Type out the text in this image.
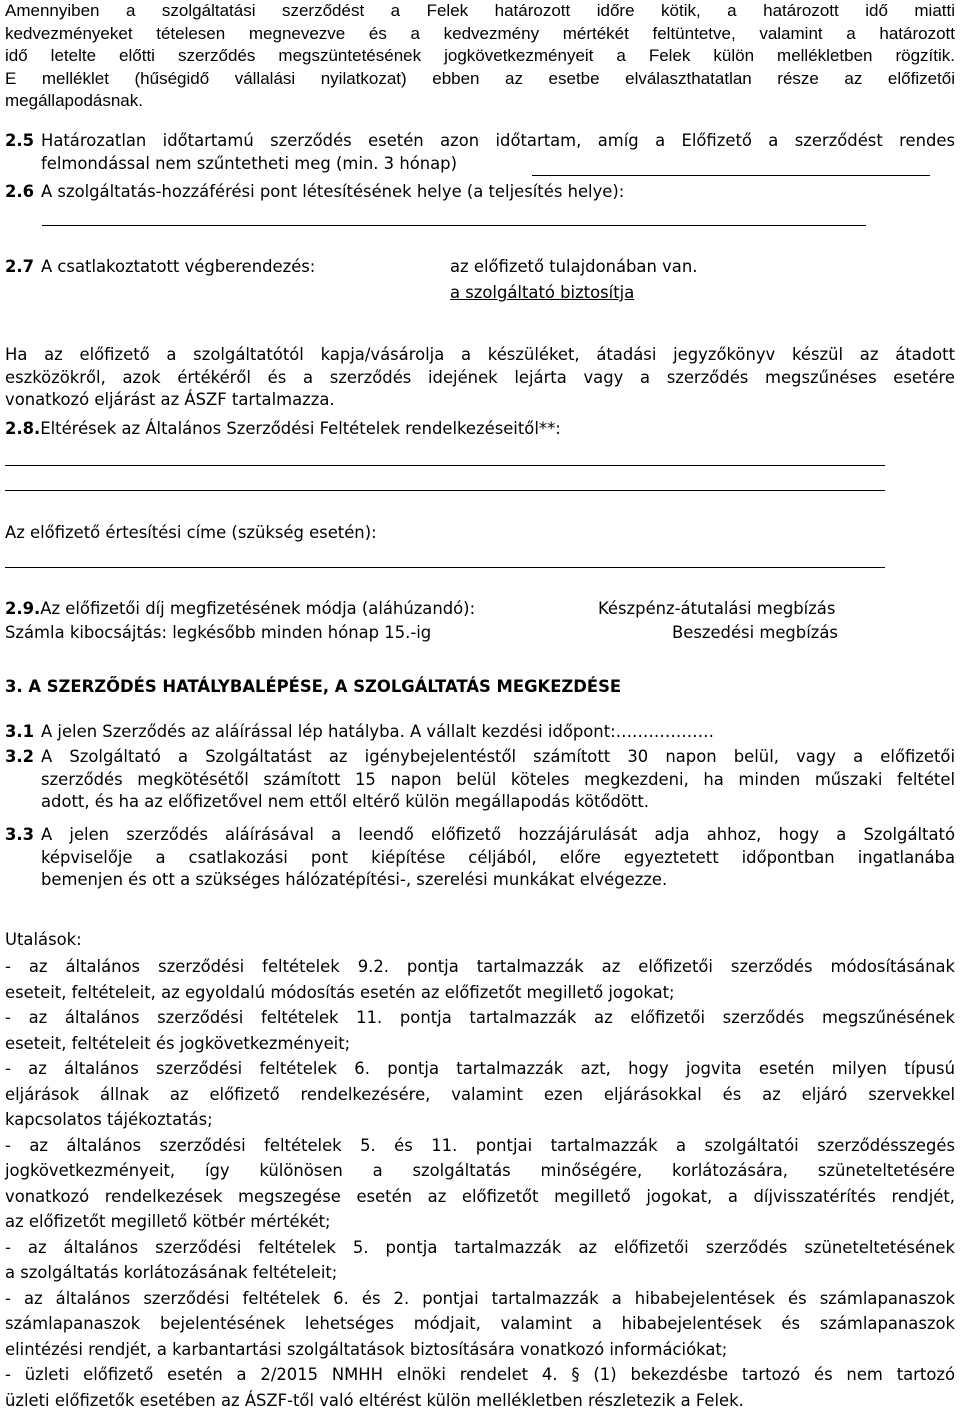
Amennyiben a szolgáltatási szerződést a Felek határozott időre kötik, a határozott idő miatti
kedvezményeket tételesen megnevezve és a kedvezmény mértékét feltüntetve, valamint a határozott
idő letelte előtti szerződés megszüntetésének jogkövetkezményeit a Felek külön mellékletben rögzítik.
E melléklet (hűségidő vállalási nyilatkozat) ebben az esetbe elválaszthatatlan része az előfizetői
megállapodásnak.
2.5 Határozatlan időtartamú szerződés esetén azon időtartam, amíg a Előfizető a szerződést rendes
felmondással nem szűntetheti meg (min. 3 hónap)
2.6 A szolgáltatás-hozzáférési pont létesítésének helye (a teljesítés helye):
2.7 A csatlakoztatott végberendezés:	az előfizető tulajdonában van.
a szolgáltató biztosítja
Ha az előfizető a szolgáltatótól kapja/vásárolja a készüléket, átadási jegyzőkönyv készül az átadott
eszközökről, azok értékéről és a szerződés idejének lejárta vagy a szerződés megszűnéses esetére
vonatkozó eljárást az ÁSZF tartalmazza.
2.8.Eltérések az Általános Szerződési Feltételek rendelkezéseitől**:
Az előfizető értesítési címe (szükség esetén):
2.9.Az előfizetői díj megfizetésének módja (aláhúzandó):	Készpénz-átutalási megbízás
Számla kibocsájtás: legkésőbb minden hónap 15.-ig	Beszedési megbízás
3. A SZERZŐDÉS HATÁLYBALÉPÉSE, A SZOLGÁLTATÁS MEGKEZDÉSE
3.1 A jelen Szerződés az aláírással lép hatályba. A vállalt kezdési időpont:………………
3.2 A Szolgáltató a Szolgáltatást az igénybejelentéstől számított 30 napon belül, vagy a előfizetői
szerződés megkötésétől számított 15 napon belül köteles megkezdeni, ha minden műszaki feltétel
adott, és ha az előfizetővel nem ettől eltérő külön megállapodás kötődött.
3.3 A jelen szerződés aláírásával a leendő előfizető hozzájárulását adja ahhoz, hogy a Szolgáltató
képviselője a csatlakozási pont kiépítése céljából, előre egyeztetett időpontban ingatlanába
bemenjen és ott a szükséges hálózatépítési-, szerelési munkákat elvégezze.
Utalások:
- az általános szerződési feltételek 9.2. pontja tartalmazzák az előfizetői szerződés módosításának
eseteit, feltételeit, az egyoldalú módosítás esetén az előfizetőt megillető jogokat;
- az általános szerződési feltételek 11. pontja tartalmazzák az előfizetői szerződés megszűnésének
eseteit, feltételeit és jogkövetkezményeit;
- az általános szerződési feltételek 6. pontja tartalmazzák azt, hogy jogvita esetén milyen típusú
eljárások állnak az előfizető rendelkezésére, valamint ezen eljárásokkal és az eljáró szervekkel
kapcsolatos tájékoztatás;
- az általános szerződési feltételek 5. és 11. pontjai tartalmazzák a szolgáltatói szerződésszegés
jogkövetkezményeit, így különösen a szolgáltatás minőségére, korlátozására, szüneteltetésére
vonatkozó rendelkezések megszegése esetén az előfizetőt megillető jogokat, a díjvisszatérítés rendjét,
az előfizetőt megillető kötbér mértékét;
- az általános szerződési feltételek 5. pontja tartalmazzák az előfizetői szerződés szüneteltetésének
a szolgáltatás korlátozásának feltételeit;
- az általános szerződési feltételek 6. és 2. pontjai tartalmazzák a hibabejelentések és számlapanaszok
számlapanaszok bejelentésének lehetséges módjait, valamint a hibabejelentések és számlapanaszok
elintézési rendjét, a karbantartási szolgáltatások biztosítására vonatkozó információkat;
- üzleti előfizető esetén a 2/2015 NMHH elnöki rendelet 4. § (1) bekezdésbe tartozó és nem tartozó
üzleti előfizetők esetében az ÁSZF-től való eltérést külön mellékletben részletezik a Felek.
